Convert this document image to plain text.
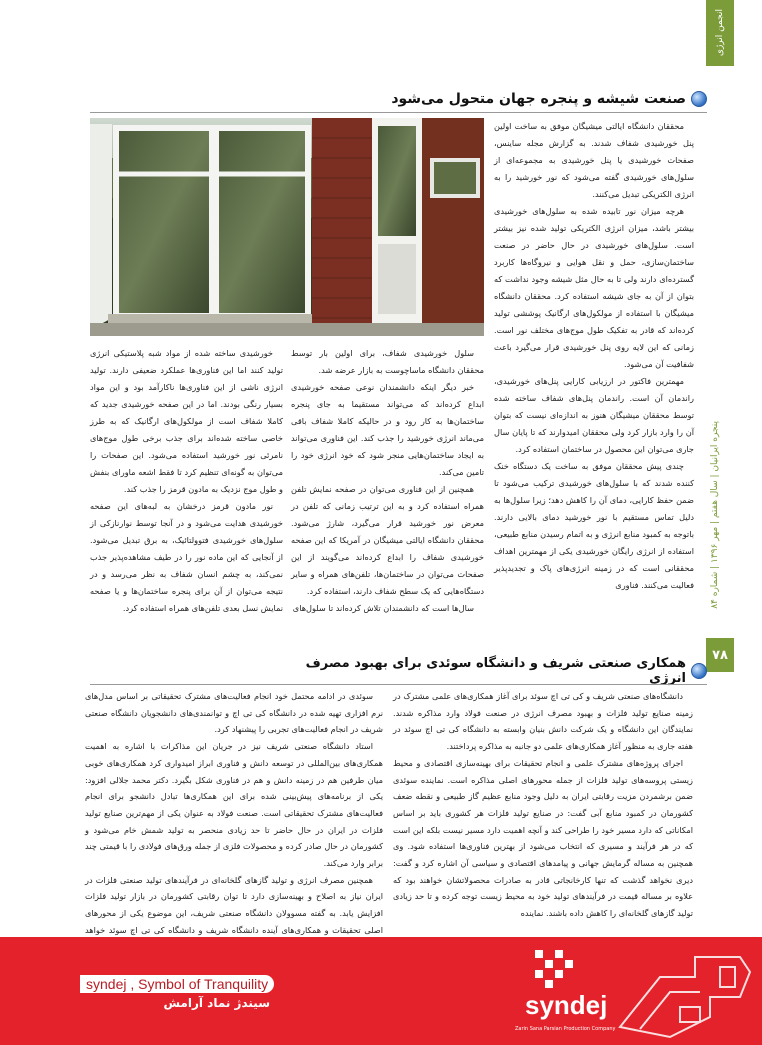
انجمن انرژی
پنجره ایرانیان | سال هفتم | مهر ۱۳۹۶ | شماره ۸۴
۷۸
صنعت شیشه و پنجره جهان متحول می‌شود

محققان دانشگاه ایالتی میشیگان موفق به ساخت اولین پنل خورشیدی شفاف شدند. به گزارش مجله ساینس، صفحات خورشیدی یا پنل خورشیدی به مجموعه‌ای از سلول‌های خورشیدی گفته می‌شود که نور خورشید را به انرژی الکتریکی تبدیل می‌کنند.

هرچه میزان نور تابیده شده به سلول‌های خورشیدی بیشتر باشد، میزان انرژی الکتریکی تولید شده نیز بیشتر است. سلول‌های خورشیدی در حال حاضر در صنعت ساختمان‌سازی، حمل و نقل هوایی و نیروگاه‌ها کاربرد گسترده‌ای دارند ولی تا به حال مثل شیشه وجود نداشت که بتوان از آن به جای شیشه استفاده کرد. محققان دانشگاه میشیگان با استفاده از مولکول‌های ارگانیک پوششی تولید کرده‌اند که قادر به تفکیک طول موج‌های مختلف نور است. زمانی که این لایه روی پنل خورشیدی قرار می‌گیرد باعث شفافیت آن می‌شود.

مهمترین فاکتور در ارزیابی کارایی پنل‌های خورشیدی، راندمان آن است. راندمان پنل‌های شفاف ساخته شده توسط محققان میشیگان هنوز به اندازه‌ای نیست که بتوان آن را وارد بازار کرد ولی محققان امیدوارند که تا پایان سال جاری می‌توان این محصول در ساختمان استفاده کرد.

چندی پیش محققان موفق به ساخت یک دستگاه خنک کننده شدند که با سلول‌های خورشیدی ترکیب می‌شود تا ضمن حفظ کارایی، دمای آن را کاهش دهد؛ زیرا سلول‌ها به دلیل تماس مستقیم با نور خورشید دمای بالایی دارند. باتوجه به کمبود منابع انرژی و به اتمام رسیدن منابع طبیعی، استفاده از انرژی رایگان خورشیدی یکی از مهمترین اهداف محققانی است که در زمینه انرژی‌های پاک و تجدیدپذیر فعالیت می‌کنند. فناوری

سلول خورشیدی شفاف، برای اولین بار توسط محققان دانشگاه ماساچوست به بازار عرضه شد.

خبر دیگر اینکه دانشمندان نوعی صفحه خورشیدی ابداع کرده‌اند که می‌تواند مستقیما به جای پنجره ساختمان‌ها به کار رود و در حالیکه کاملا شفاف باقی می‌ماند انرژی خورشید را جذب کند. این فناوری می‌تواند به ایجاد ساختمان‌هایی منجر شود که خود انرژی خود را تامین می‌کند.

همچنین از این فناوری می‌توان در صفحه نمایش تلفن همراه استفاده کرد و به این ترتیب زمانی که تلفن در معرض نور خورشید قرار می‌گیرد، شارژ می‌شود. محققان دانشگاه ایالتی میشیگان در آمریکا که این صفحه خورشیدی شفاف را ابداع کرده‌اند می‌گویند از این صفحات می‌توان در ساختمان‌ها، تلفن‌های همراه و سایر دستگاه‌هایی که یک سطح شفاف دارند، استفاده کرد.

سال‌ها است که دانشمندان تلاش کرده‌اند تا سلول‌های

خورشیدی ساخته شده از مواد شبه پلاستیکی انرژی تولید کنند اما این فناوری‌ها عملکرد ضعیفی دارند. تولید انرژی ناشی از این فناوری‌ها ناکارآمد بود و این مواد بسیار رنگی بودند. اما در این صفحه خورشیدی جدید که کاملا شفاف است از مولکول‌های ارگانیک که به طرز خاصی ساخته شده‌اند برای جذب برخی طول موج‌های نامرئی نور خورشید استفاده می‌شود. این صفحات را می‌توان به گونه‌ای تنظیم کرد تا فقط اشعه ماورای بنفش و طول موج نزدیک به مادون قرمز را جذب کند.

نور مادون قرمز درخشان به لبه‌های این صفحه خورشیدی هدایت می‌شود و در آنجا توسط نوارنازکی از سلول‌های خورشیدی فتوولتائیک، به برق تبدیل می‌شود. از آنجایی که این ماده نور را در طیف مشاهده‌پذیر جذب نمی‌کند، به چشم انسان شفاف به نظر می‌رسد و در نتیجه می‌توان از آن برای پنجره ساختمان‌ها و یا صفحه نمایش نسل بعدی تلفن‌های همراه استفاده کرد.

همکاری صنعتی شریف و دانشگاه سوئدی برای بهبود مصرف انرژی

دانشگاه‌های صنعتی شریف و کی تی اچ سوئد برای آغاز همکاری‌های علمی مشترک در زمینه صنایع تولید فلزات و بهبود مصرف انرژی در صنعت فولاد وارد مذاکره شدند. نمایندگان این دانشگاه و یک شرکت دانش بنیان وابسته به دانشگاه کی تی اچ سوئد در هفته جاری به منظور آغاز همکاری‌های علمی دو جانبه به مذاکره پرداختند.

اجرای پروژه‌های مشترک علمی و انجام تحقیقات برای بهینه‌سازی اقتصادی و محیط زیستی پروسه‌های تولید فلزات از جمله محورهای اصلی مذاکره است. نماینده سوئدی ضمن برشمردن مزیت رقابتی ایران به دلیل وجود منابع عظیم گاز طبیعی و نقطه ضعف کشورمان در کمبود منابع آبی گفت: در صنایع تولید فلزات هر کشوری باید بر اساس امکاناتی که دارد مسیر خود را طراحی کند و آنچه اهمیت دارد مسیر نیست بلکه این است که در هر فرآیند و مسیری که انتخاب می‌شود از بهترین فناوری‌ها استفاده شود. وی همچنین به مساله گرمایش جهانی و پیامدهای اقتصادی و سیاسی آن اشاره کرد و گفت: دیری نخواهد گذشت که تنها کارخانجاتی قادر به صادرات محصولاتشان خواهند بود که علاوه بر مساله قیمت در فرآیندهای تولید خود به محیط زیست توجه کرده و تا حد زیادی تولید گازهای گلخانه‌ای را کاهش داده باشند. نماینده

سوئدی در ادامه محتمل خود انجام فعالیت‌های مشترک تحقیقاتی بر اساس مدل‌های نرم افزاری تهیه شده در دانشگاه کی تی اچ و توانمندی‌های دانشجویان دانشگاه صنعتی شریف در انجام فعالیت‌های تجربی را پیشنهاد کرد.

استاد دانشگاه صنعتی شریف نیز در جریان این مذاکرات با اشاره به اهمیت همکاری‌های بین‌المللی در توسعه دانش و فناوری ابراز امیدواری کرد همکاری‌های خوبی میان طرفین هم در زمینه دانش و هم در فناوری شکل بگیرد. دکتر محمد جلالی افزود: یکی از برنامه‌های پیش‌بینی شده برای این همکاری‌ها تبادل دانشجو برای انجام فعالیت‌های مشترک تحقیقاتی است. صنعت فولاد به عنوان یکی از مهم‌ترین صنایع تولید فلزات در ایران در حال حاضر تا حد زیادی منحصر به تولید شمش خام می‌شود و کشورمان در حال صادر کرده و محصولات فلزی از جمله ورق‌های فولادی را با قیمتی چند برابر وارد می‌کند.

همچنین مصرف انرژی و تولید گازهای گلخانه‌ای در فرآیندهای تولید صنعتی فلزات در ایران نیاز به اصلاح و بهینه‌سازی دارد تا توان رقابتی کشورمان در بازار تولید فلزات افزایش یابد. به گفته مسوولان دانشگاه صنعتی شریف، این موضوع یکی از محورهای اصلی تحقیقات و همکاری‌های آینده دانشگاه شریف و دانشگاه کی تی اچ سوئد خواهد

syndej
Zarin Sana Parsian Production Company
syndej , Symbol of Tranquility
سیندژ نماد آرامش
